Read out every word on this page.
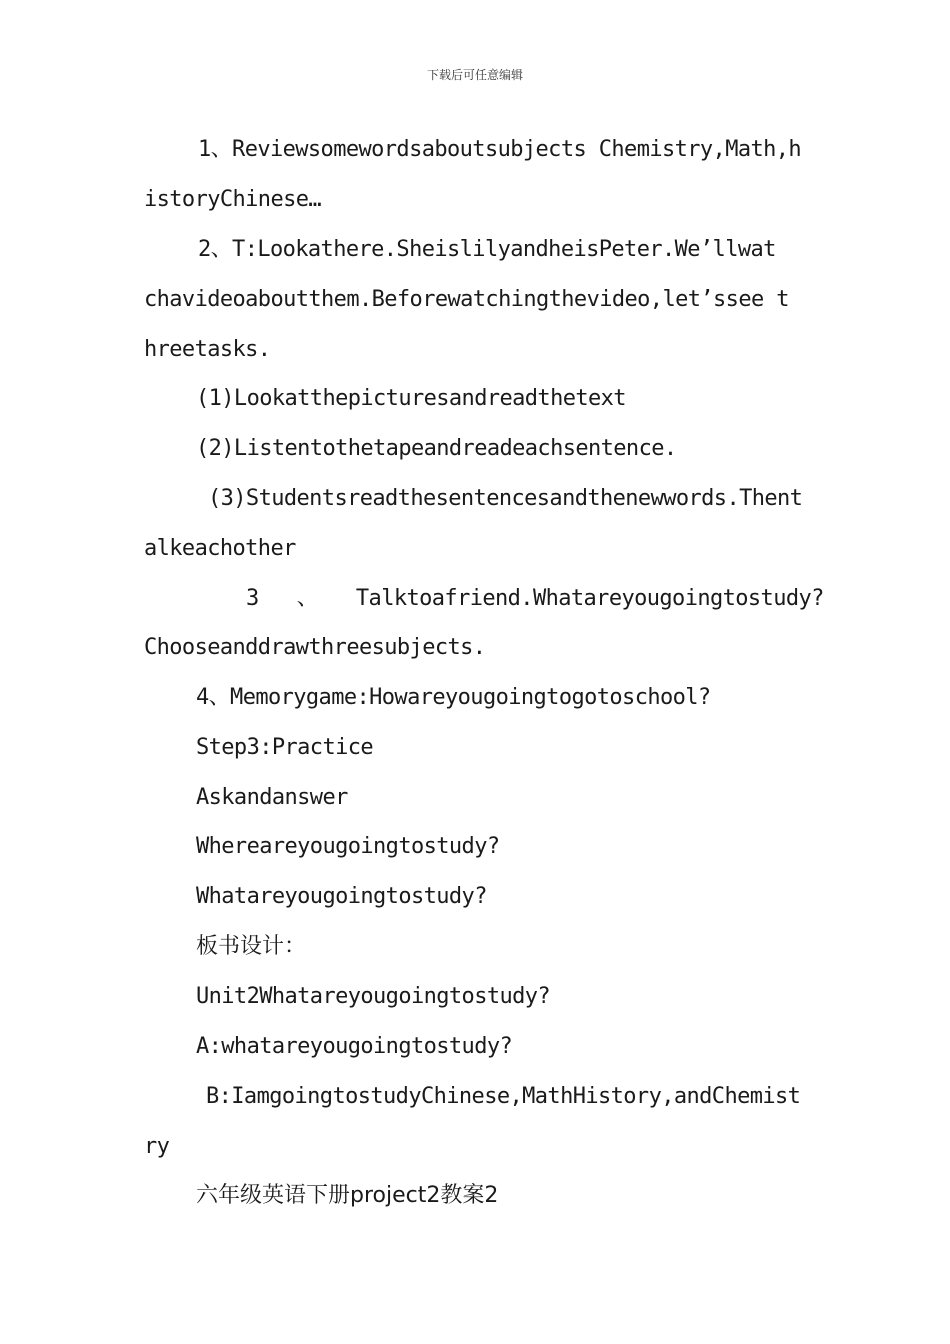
下载后可任意编辑
1、Reviewsomewordsaboutsubjects Chemistry,Math,h
istoryChinese…
2、T:Lookathere.SheislilyandheisPeter.We’llwat
chavideoaboutthem.Beforewatchingthevideo,let’ssee t
hreetasks.
(1)Lookatthepicturesandreadthetext
(2)Listentothetapeandreadeachsentence.
(3)Studentsreadthesentencesandthenewwords.Thent
alkeachother
3   、   Talktoafriend.Whatareyougoingtostudy?
Chooseanddrawthreesubjects.
4、Memorygame:Howareyougoingtogotoschool?
Step3:Practice
Askandanswer
Whereareyougoingtostudy?
Whatareyougoingtostudy?
板书设计：
Unit2Whatareyougoingtostudy?
A:whatareyougoingtostudy?
B:IamgoingtostudyChinese,MathHistory,andChemist
ry
六年级英语下册project2教案2
